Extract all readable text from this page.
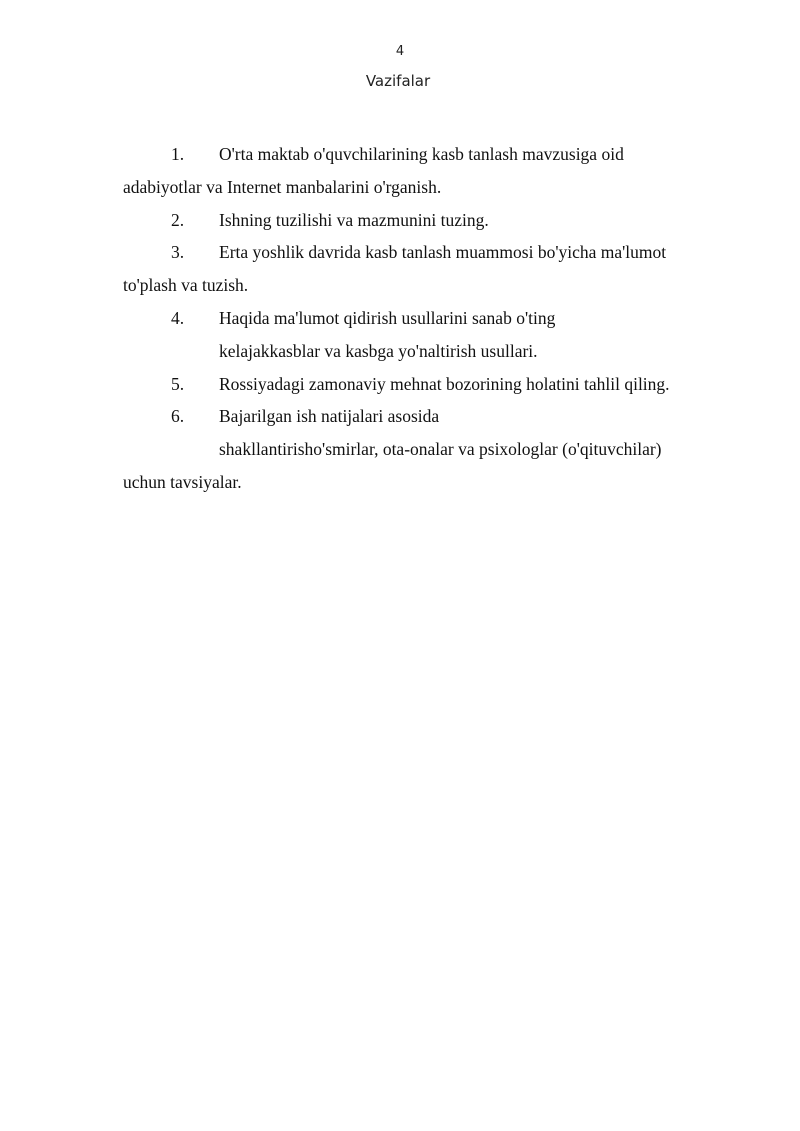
4
Vazifalar
1. O'rta maktab o'quvchilarining kasb tanlash mavzusiga oid
adabiyotlar va Internet manbalarini o'rganish.
2. Ishning tuzilishi va mazmunini tuzing.
3. Erta yoshlik davrida kasb tanlash muammosi bo'yicha ma'lumot
to'plash va tuzish.
4. Haqida ma'lumot qidirish usullarini sanab o'ting
kelajakkasblar va kasbga yo'naltirish usullari.
5. Rossiyadagi zamonaviy mehnat bozorining holatini tahlil qiling.
6. Bajarilgan ish natijalari asosida
shakllantirisho'smirlar, ota-onalar va psixologlar (o'qituvchilar)
uchun tavsiyalar.
